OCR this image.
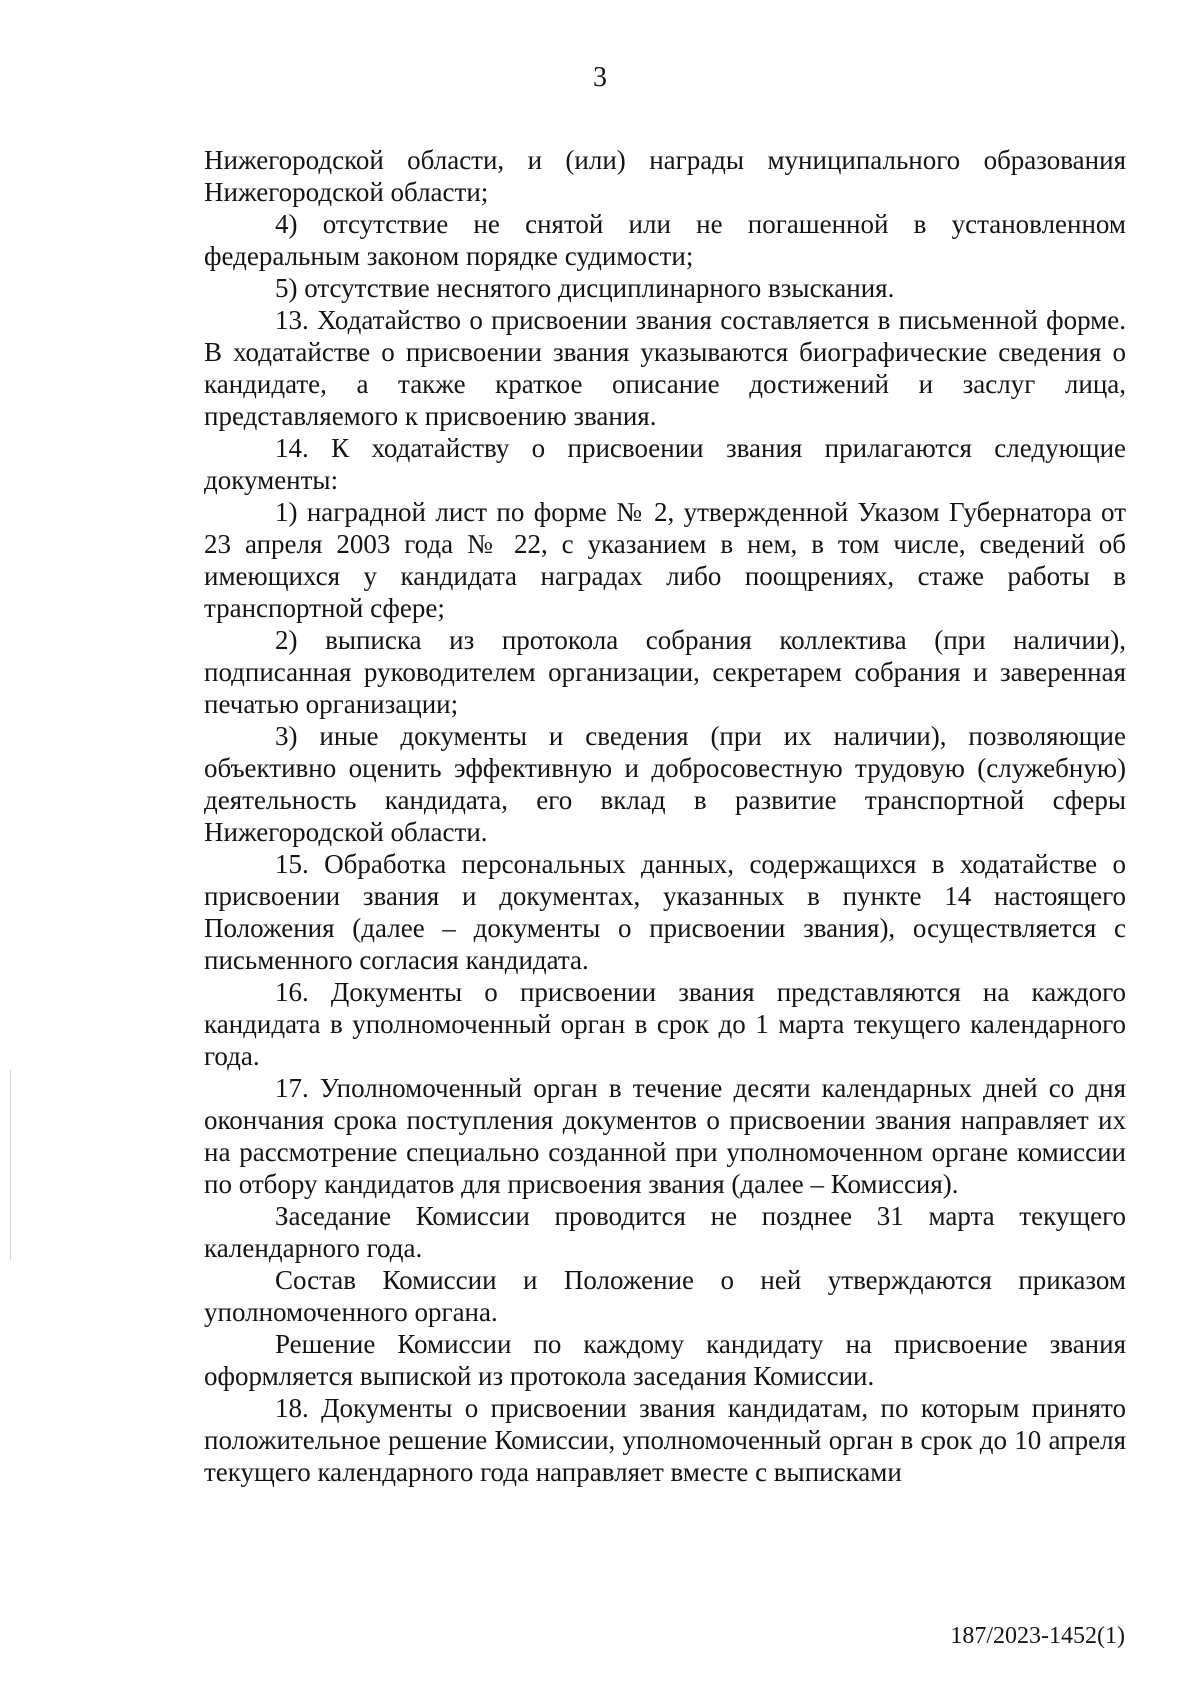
3

Нижегородской области, и (или) награды муниципального образования Нижегородской области;

4) отсутствие не снятой или не погашенной в установленном федеральным законом порядке судимости;

5) отсутствие неснятого дисциплинарного взыскания.

13. Ходатайство о присвоении звания составляется в письменной форме. В ходатайстве о присвоении звания указываются биографические сведения о кандидате, а также краткое описание достижений и заслуг лица, представляемого к присвоению звания.

14. К ходатайству о присвоении звания прилагаются следующие документы:

1) наградной лист по форме № 2, утвержденной Указом Губернатора от 23 апреля 2003 года № 22, с указанием в нем, в том числе, сведений об имеющихся у кандидата наградах либо поощрениях, стаже работы в транспортной сфере;

2) выписка из протокола собрания коллектива (при наличии), подписанная руководителем организации, секретарем собрания и заверенная печатью организации;

3) иные документы и сведения (при их наличии), позволяющие объективно оценить эффективную и добросовестную трудовую (служебную) деятельность кандидата, его вклад в развитие транспортной сферы Нижегородской области.

15. Обработка персональных данных, содержащихся в ходатайстве о присвоении звания и документах, указанных в пункте 14 настоящего Положения (далее – документы о присвоении звания), осуществляется с письменного согласия кандидата.

16. Документы о присвоении звания представляются на каждого кандидата в уполномоченный орган в срок до 1 марта текущего календарного года.

17. Уполномоченный орган в течение десяти календарных дней со дня окончания срока поступления документов о присвоении звания направляет их на рассмотрение специально созданной при уполномоченном органе комиссии по отбору кандидатов для присвоения звания (далее – Комиссия).

Заседание Комиссии проводится не позднее 31 марта текущего календарного года.

Состав Комиссии и Положение о ней утверждаются приказом уполномоченного органа.

Решение Комиссии по каждому кандидату на присвоение звания оформляется выпиской из протокола заседания Комиссии.

18. Документы о присвоении звания кандидатам, по которым принято положительное решение Комиссии, уполномоченный орган в срок до 10 апреля текущего календарного года направляет вместе с выписками

187/2023-1452(1)
